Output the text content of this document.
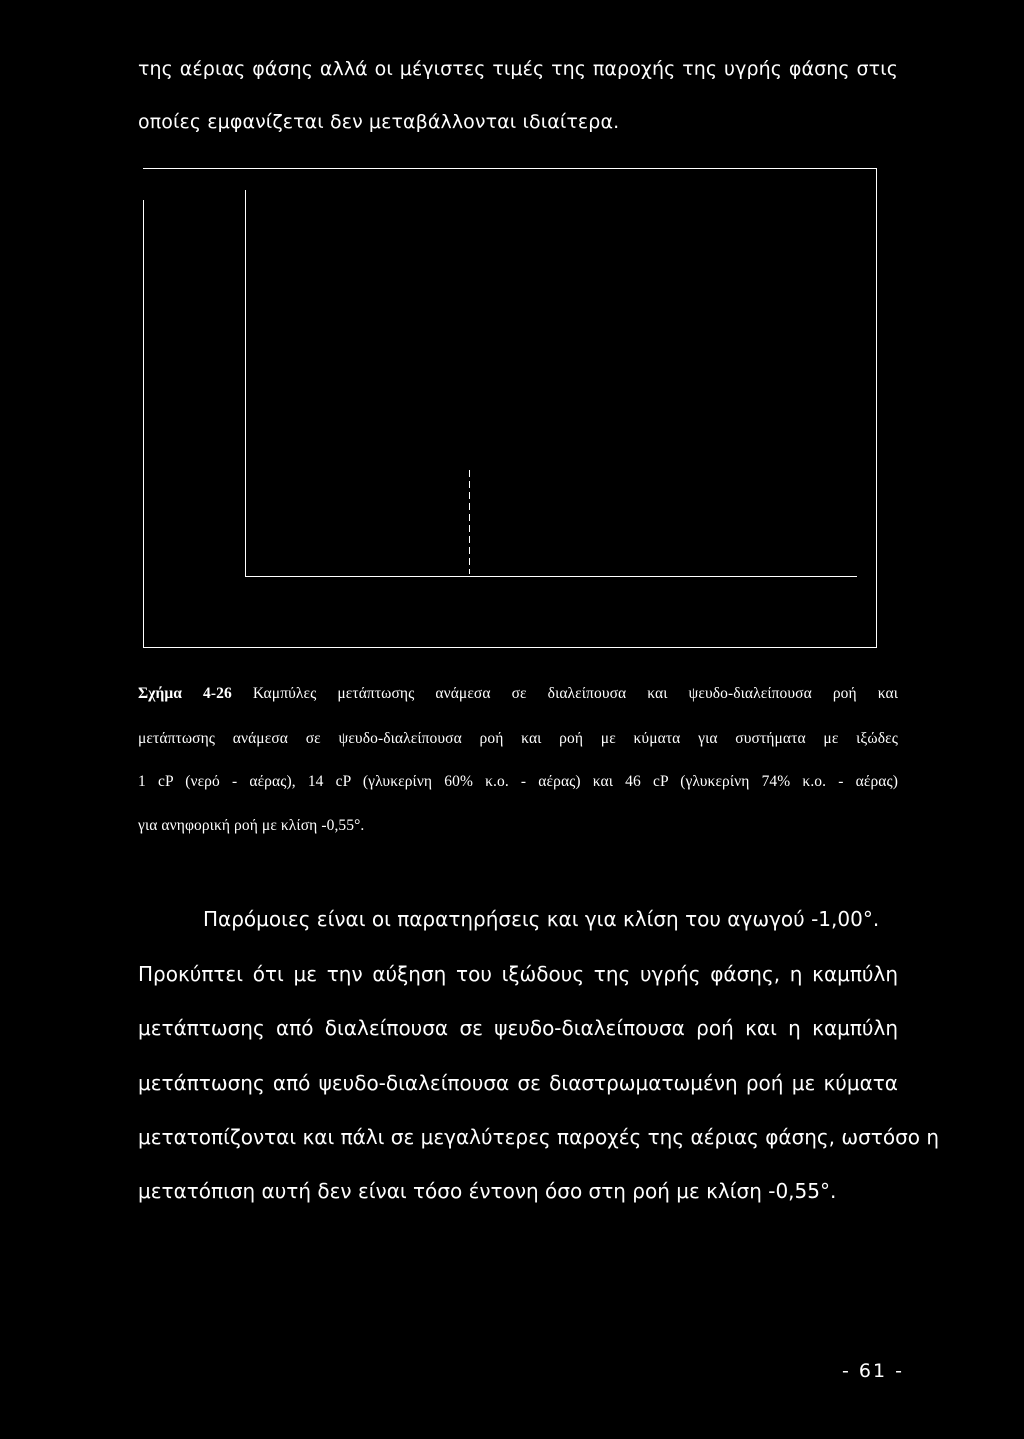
της αέριας φάσης αλλά οι μέγιστες τιμές της παροχής της υγρής φάσης στις
οποίες εμφανίζεται δεν μεταβάλλονται ιδιαίτερα.
Σχήμα 4-26 Καμπύλες μετάπτωσης ανάμεσα σε διαλείπουσα και ψευδο-διαλείπουσα ροή και
μετάπτωσης ανάμεσα σε ψευδο-διαλείπουσα ροή και ροή με κύματα για συστήματα με ιξώδες
1 cP (νερό - αέρας), 14 cP (γλυκερίνη 60% κ.ο. - αέρας) και 46 cP (γλυκερίνη 74% κ.ο. - αέρας)
για ανηφορική ροή με κλίση -0,55°.
Παρόμοιες είναι οι παρατηρήσεις και για κλίση του αγωγού -1,00°.
Προκύπτει ότι με την αύξηση του ιξώδους της υγρής φάσης, η καμπύλη
μετάπτωσης από διαλείπουσα σε ψευδο-διαλείπουσα ροή και η καμπύλη
μετάπτωσης από ψευδο-διαλείπουσα σε διαστρωματωμένη ροή με κύματα
μετατοπίζονται και πάλι σε μεγαλύτερες παροχές της αέριας φάσης, ωστόσο η
μετατόπιση αυτή δεν είναι τόσο έντονη όσο στη ροή με κλίση -0,55°.
- 61 -
